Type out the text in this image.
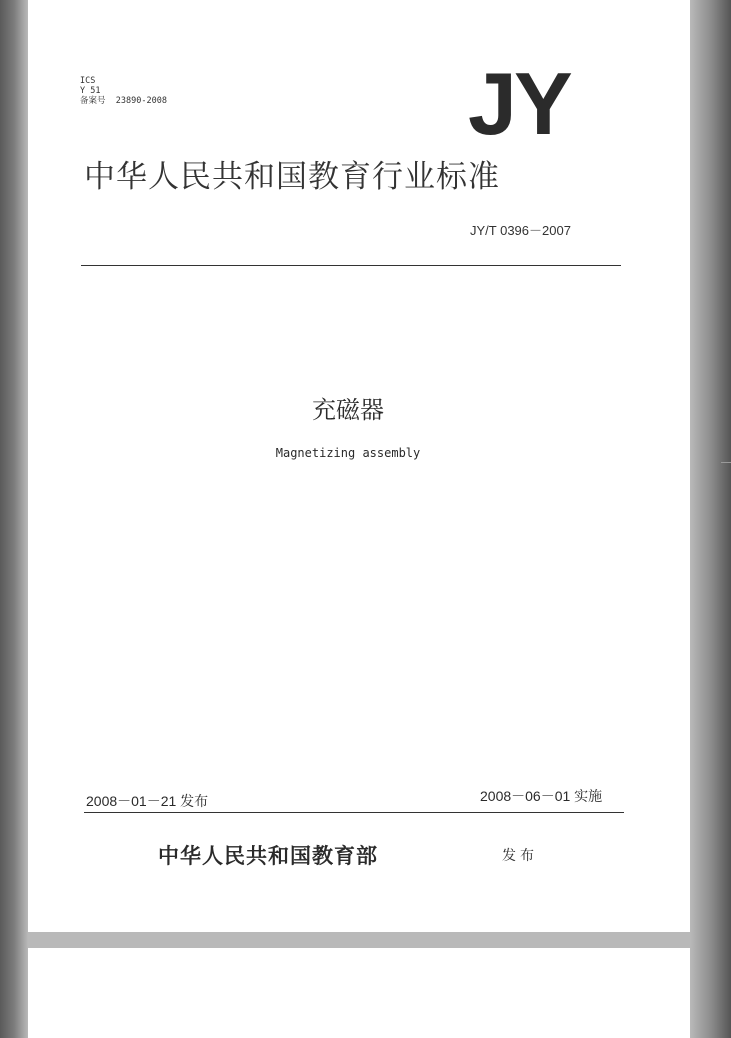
ICS
Y 51
备案号 23890-2008	JY
中华人民共和国教育行业标准
JY/T 0396－2007
充磁器
Magnetizing assembly
2008－01－21 发布	2008－06－01 实施
中华人民共和国教育部	发布
